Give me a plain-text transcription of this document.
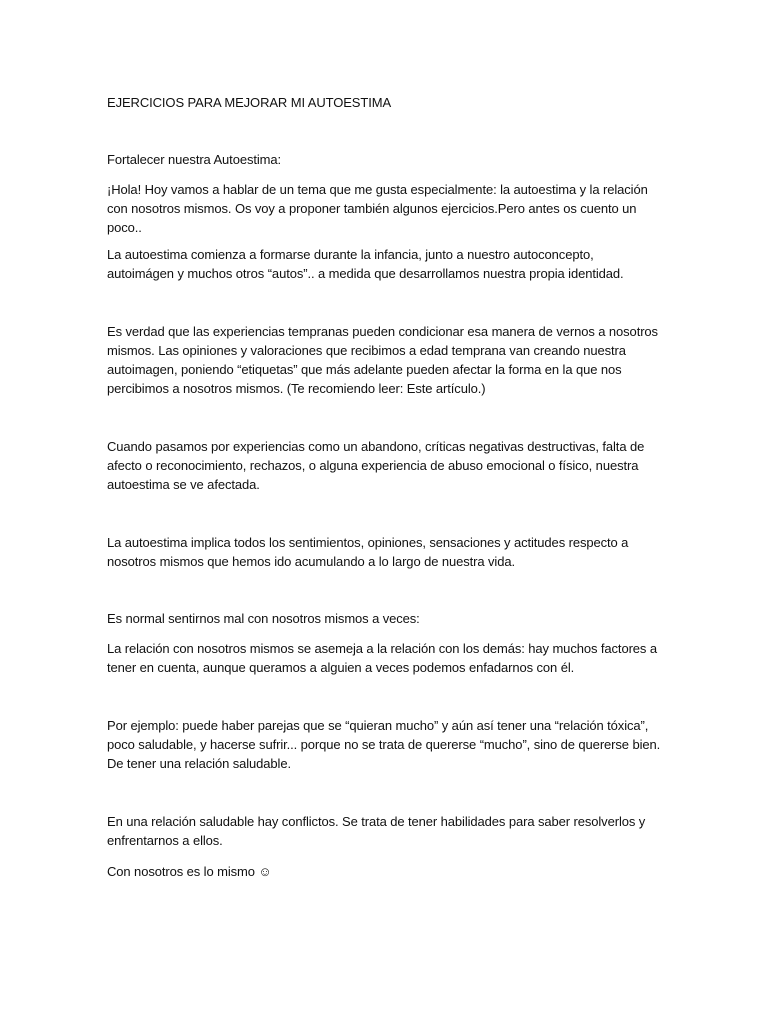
EJERCICIOS PARA MEJORAR MI AUTOESTIMA
Fortalecer nuestra Autoestima:
¡Hola! Hoy vamos a hablar de un tema que me gusta especialmente: la autoestima y la relación
con nosotros mismos. Os voy a proponer también algunos ejercicios.Pero antes os cuento un
poco..
La autoestima comienza a formarse durante la infancia, junto a nuestro autoconcepto,
autoimágen y muchos otros “autos”.. a medida que desarrollamos nuestra propia identidad.
Es verdad que las experiencias tempranas pueden condicionar esa manera de vernos a nosotros
mismos. Las opiniones y valoraciones que recibimos a edad temprana van creando nuestra
autoimagen, poniendo “etiquetas” que más adelante pueden afectar la forma en la que nos
percibimos a nosotros mismos. (Te recomiendo leer: Este artículo.)
Cuando pasamos por experiencias como un abandono, críticas negativas destructivas, falta de
afecto o reconocimiento, rechazos, o alguna experiencia de abuso emocional o físico, nuestra
autoestima se ve afectada.
La autoestima implica todos los sentimientos, opiniones, sensaciones y actitudes respecto a
nosotros mismos que hemos ido acumulando a lo largo de nuestra vida.
Es normal sentirnos mal con nosotros mismos a veces:
La relación con nosotros mismos se asemeja a la relación con los demás: hay muchos factores a
tener en cuenta, aunque queramos a alguien a veces podemos enfadarnos con él.
Por ejemplo: puede haber parejas que se “quieran mucho” y aún así tener una “relación tóxica”,
poco saludable, y hacerse sufrir... porque no se trata de quererse “mucho”, sino de quererse bien.
De tener una relación saludable.
En una relación saludable hay conflictos. Se trata de tener habilidades para saber resolverlos y
enfrentarnos a ellos.
Con nosotros es lo mismo ☺
